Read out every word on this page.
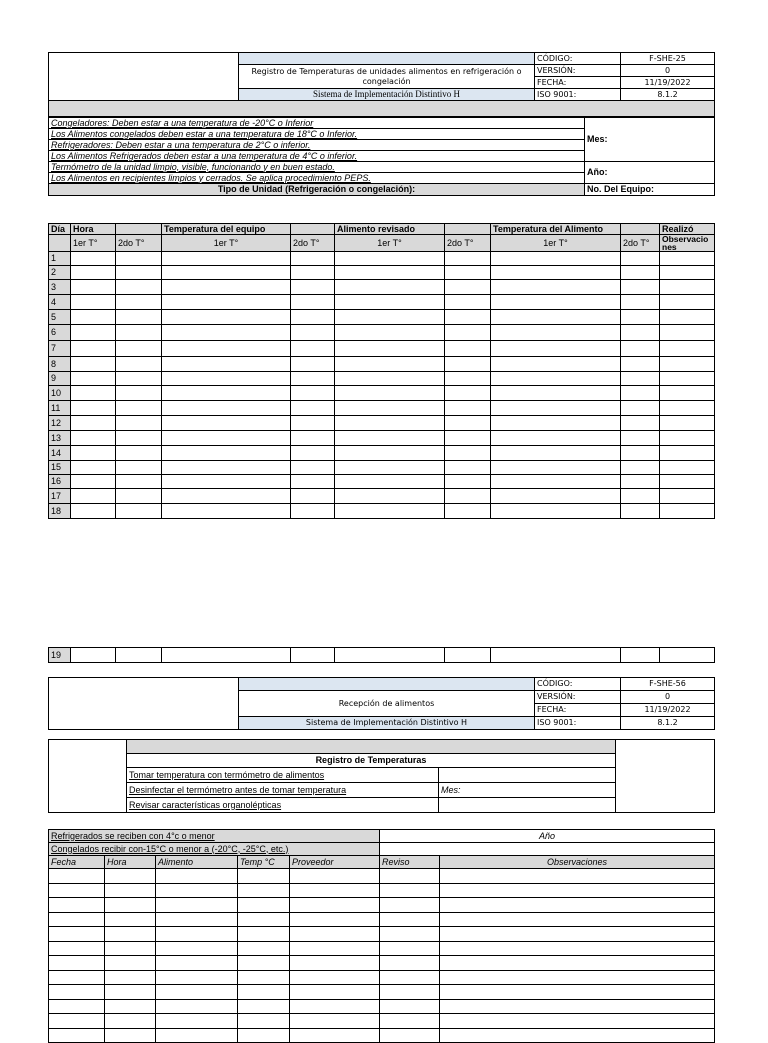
		CÓDIGO:	F-SHE-25
	Registro de Temperaturas de unidades alimentos en refrigeración o congelación	VERSIÓN:	0
		FECHA:	11/19/2022
	Sistema de Implementación Distintivo H	ISO 9001:	8.1.2

Congeladores: Deben estar a una temperatura de -20°C o Inferior	Mes:
Los Alimentos congelados deben estar a una temperatura de 18°C o Inferior.	
Refrigeradores: Deben estar a una temperatura de 2°C o inferior.	
Los Alimentos Refrigerados deben estar a una temperatura de 4°C o inferior.	
Termómetro de la unidad limpio, visible, funcionando y en buen estado.	Año:
Los Alimentos en recipientes limpios y cerrados. Se aplica procedimiento PEPS.	
Tipo de Unidad (Refrigeración o congelación):	No. Del Equipo:
Día	Hora		Temperatura del equipo		Alimento revisado		Temperatura del Alimento		Realizó
	1er T°	2do T°	1er T°	2do T°	1er T°	2do T°	1er T°	2do T°	Observaciones
1									
2									
3									
4									
5									
6									
7									
8									
9									
10									
11									
12									
13									
14									
15									
16									
17									
18									
19									
		CÓDIGO:	F-SHE-56
	Recepción de alimentos	VERSIÓN:	0
		FECHA:	11/19/2022
	Sistema de Implementación Distintivo H	ISO 9001:	8.1.2

	Registro de Temperaturas		
	Tomar temperatura con termómetro de alimentos		
	Desinfectar el termómetro antes de tomar temperatura	Mes:	
	Revisar características organolépticas		
Refrigerados se reciben con 4°c o menor					Año	
Congelados recibir con-15°C o menor a (-20°C, -25°C, etc.)						
Fecha	Hora	Alimento	Temp °C	Proveedor	Reviso	Observaciones
